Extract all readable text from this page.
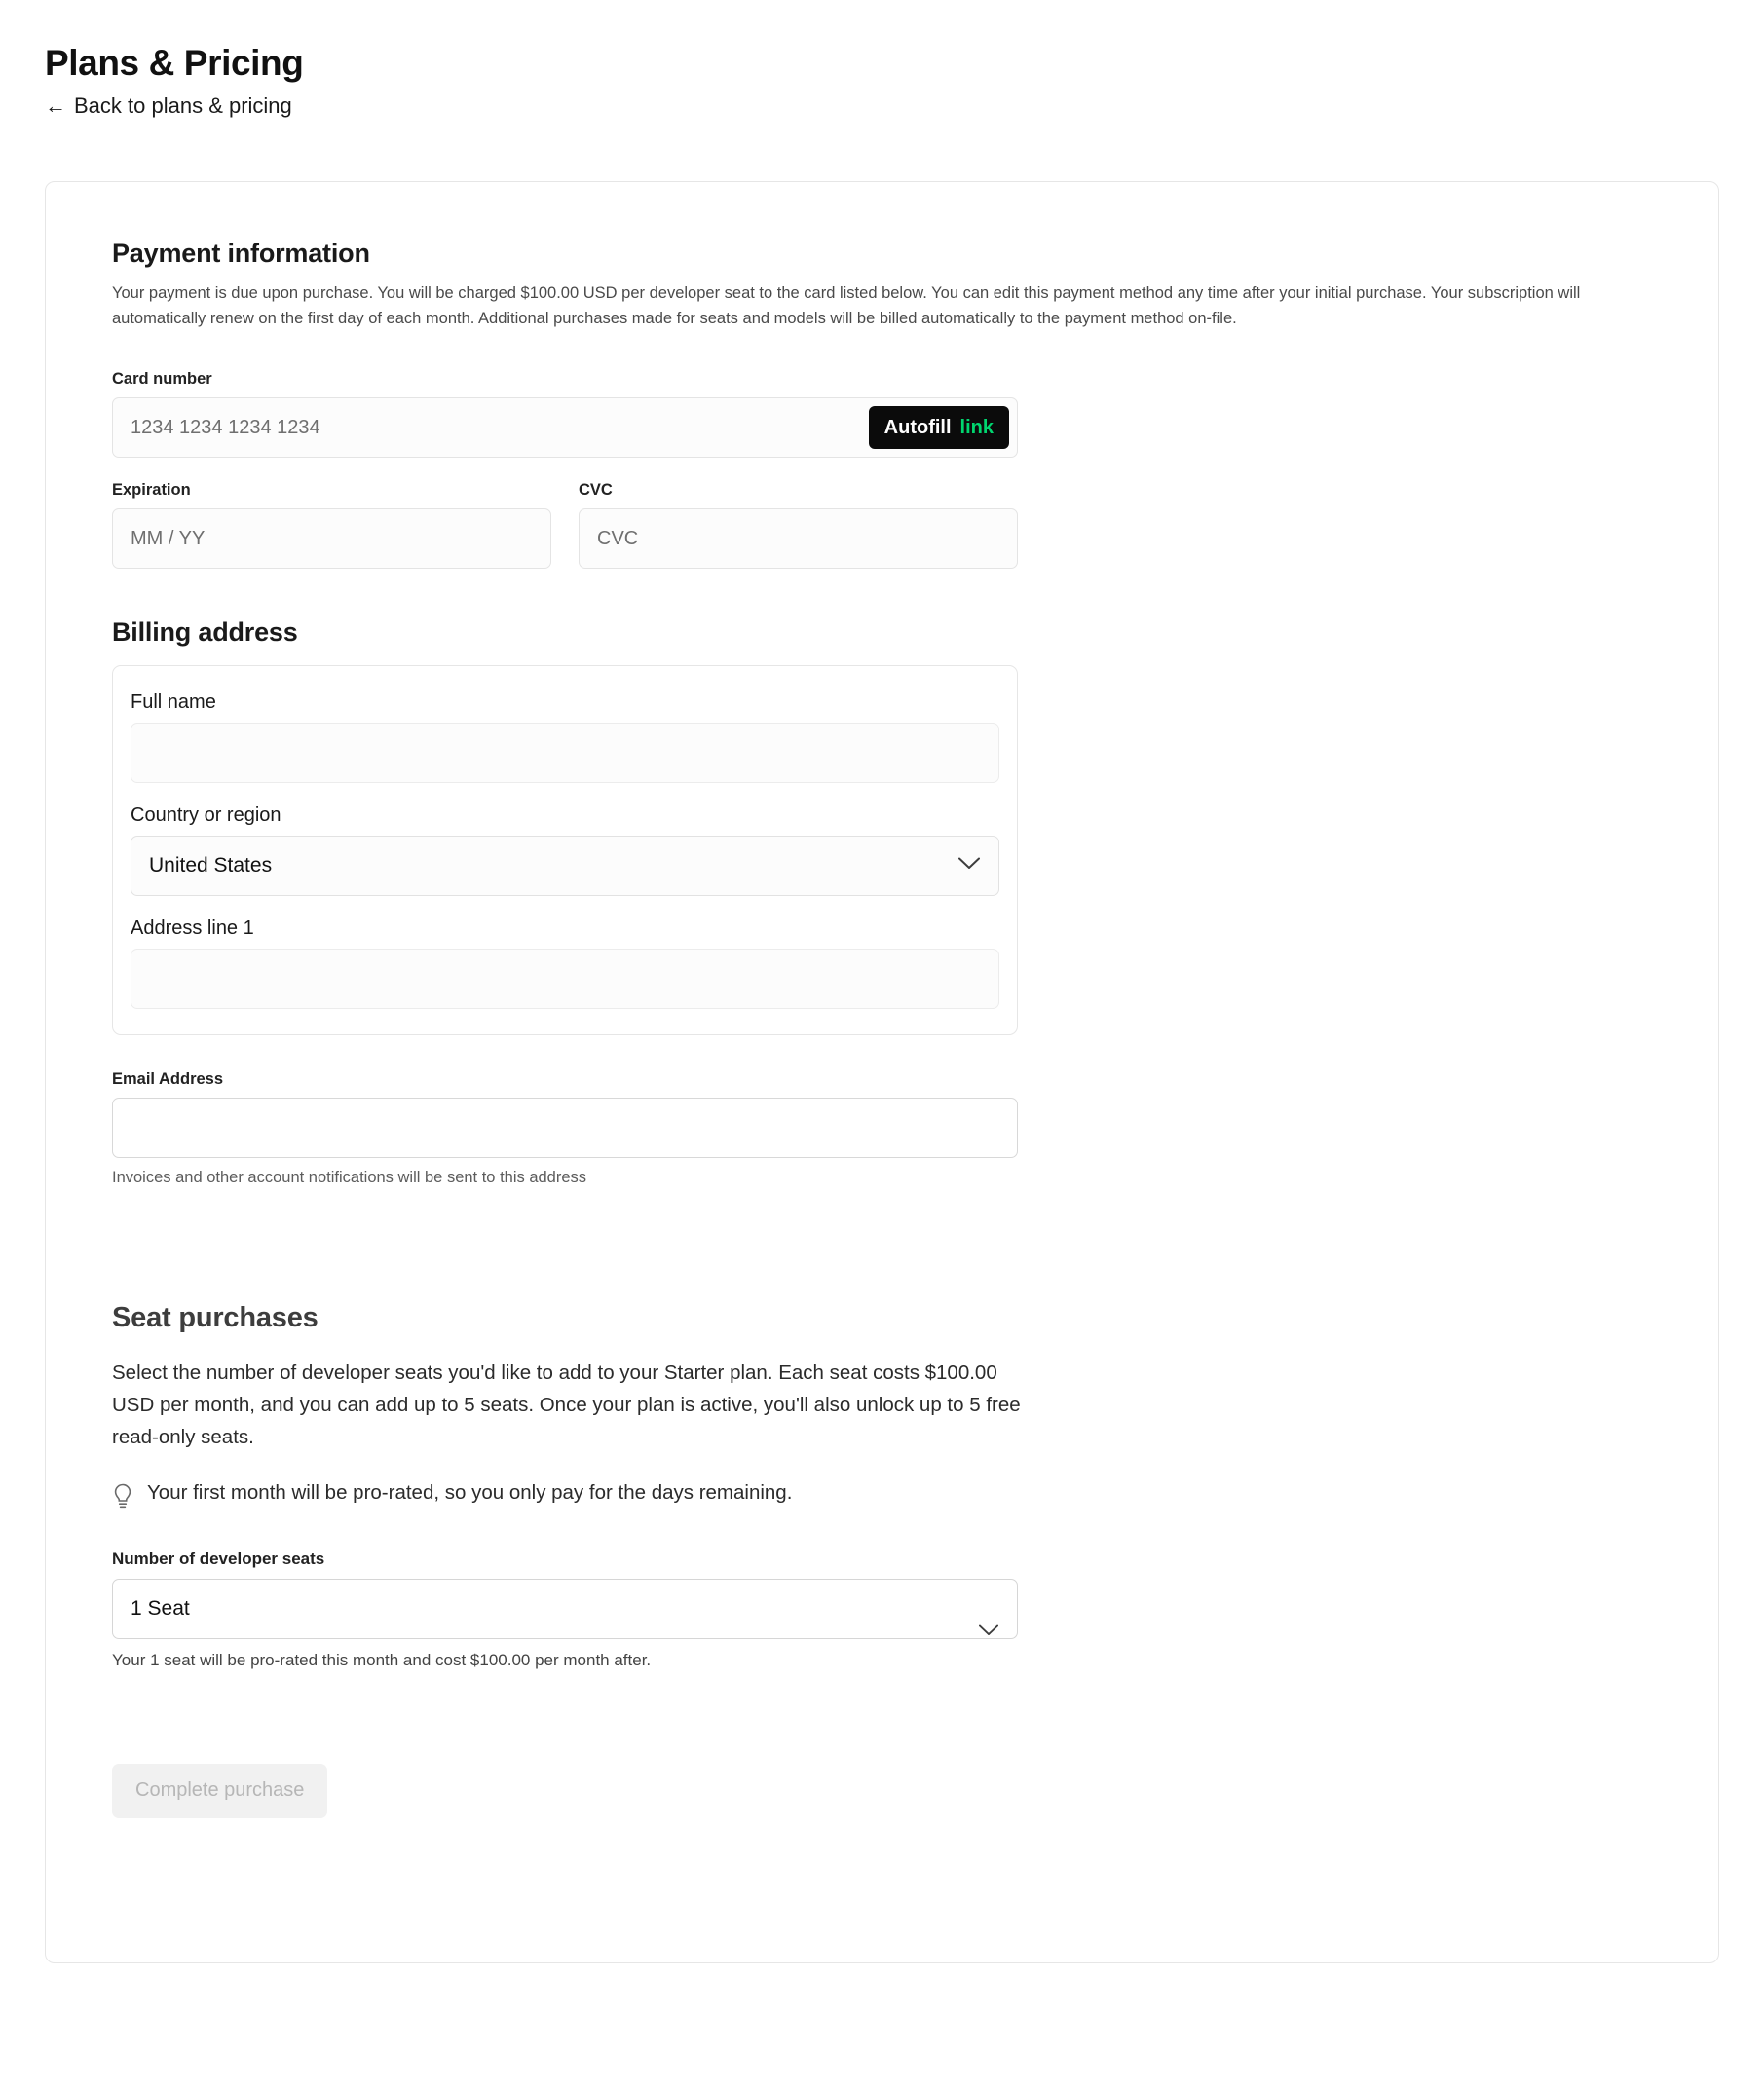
Plans & Pricing
← Back to plans & pricing
Payment information

Your payment is due upon purchase. You will be charged $100.00 USD per developer seat to the card listed below. You can edit this payment method any time after your initial purchase. Your subscription will automatically renew on the first day of each month. Additional purchases made for seats and models will be billed automatically to the payment method on-file.

Card number
1234 1234 1234 1234
Autofill link
Expiration
MM / YY	CVC
CVC
Billing address
Full name
Country or region
United States
Address line 1
Email Address
Invoices and other account notifications will be sent to this address
Seat purchases

Select the number of developer seats you'd like to add to your Starter plan. Each seat costs $100.00 USD per month, and you can add up to 5 seats. Once your plan is active, you'll also unlock up to 5 free read-only seats.

Your first month will be pro-rated, so you only pay for the days remaining.
Number of developer seats
1 Seat
Your 1 seat will be pro-rated this month and cost $100.00 per month after.
Complete purchase
